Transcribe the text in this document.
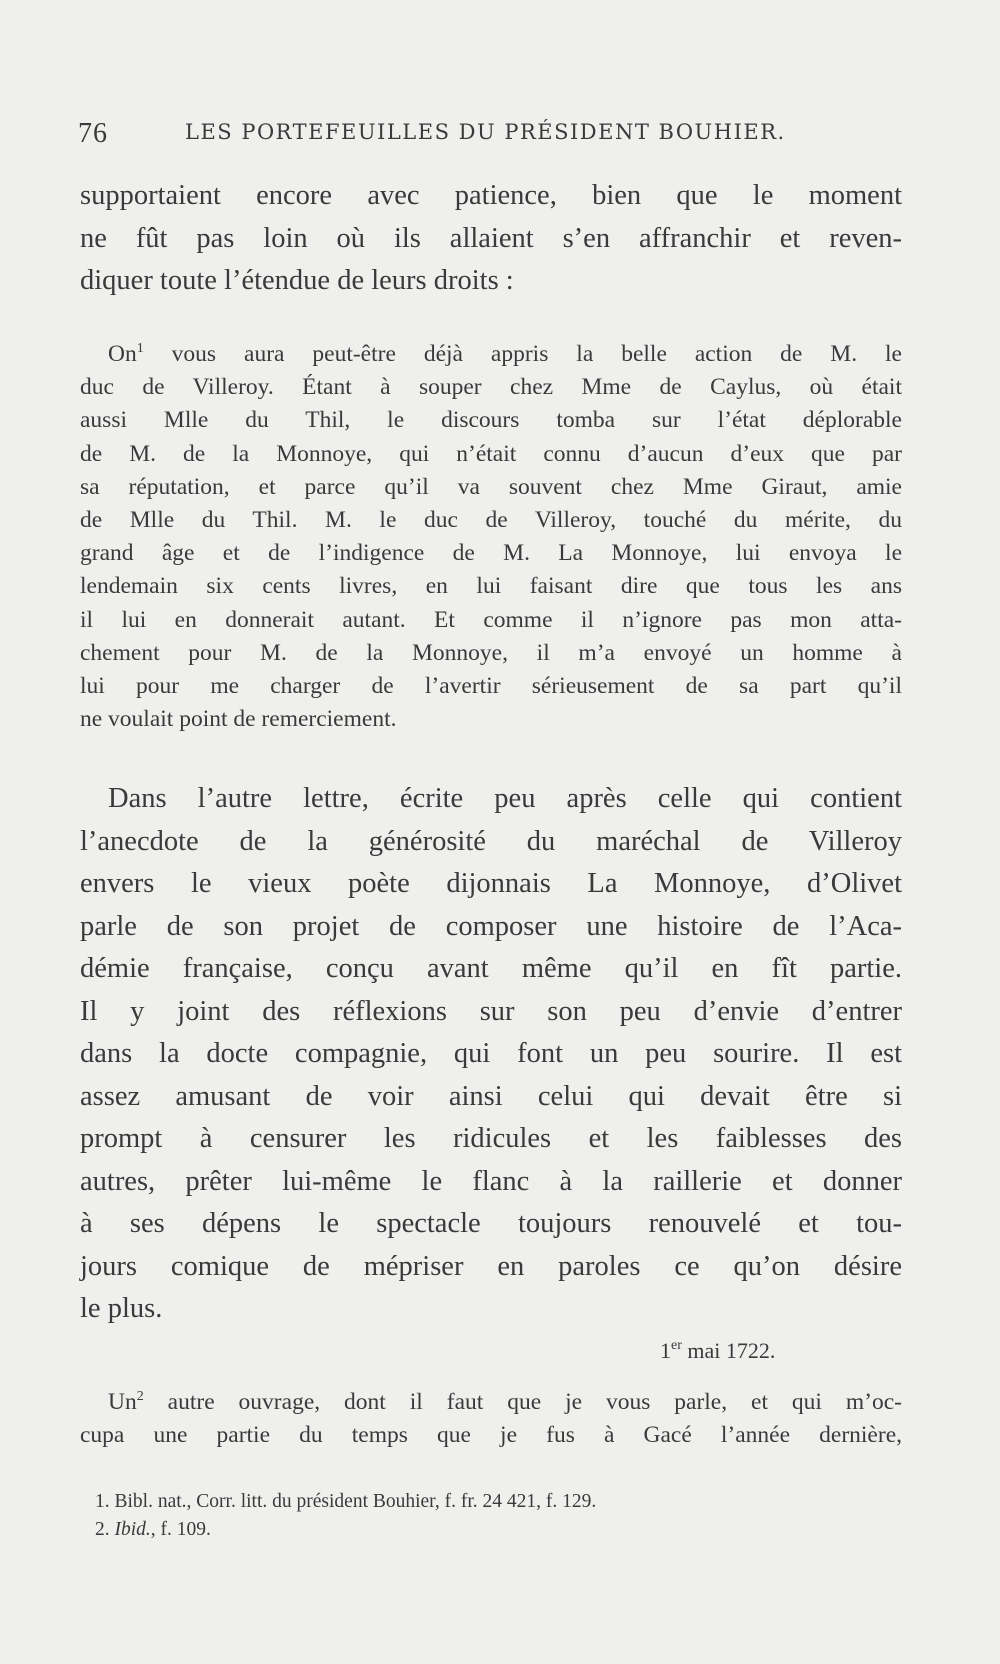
76	LES PORTEFEUILLES DU PRÉSIDENT BOUHIER.
supportaient encore avec patience, bien que le moment
ne fût pas loin où ils allaient s’en affranchir et reven-
diquer toute l’étendue de leurs droits :
On$^1$ vous aura peut-être déjà appris la belle action de M. le
duc de Villeroy. Étant à souper chez Mme de Caylus, où était
aussi Mlle du Thil, le discours tomba sur l’état déplorable
de M. de la Monnoye, qui n’était connu d’aucun d’eux que par
sa réputation, et parce qu’il va souvent chez Mme Giraut, amie
de Mlle du Thil. M. le duc de Villeroy, touché du mérite, du
grand âge et de l’indigence de M. La Monnoye, lui envoya le
lendemain six cents livres, en lui faisant dire que tous les ans
il lui en donnerait autant. Et comme il n’ignore pas mon atta-
chement pour M. de la Monnoye, il m’a envoyé un homme à
lui pour me charger de l’avertir sérieusement de sa part qu’il
ne voulait point de remerciement.
Dans l’autre lettre, écrite peu après celle qui contient
l’anecdote de la générosité du maréchal de Villeroy
envers le vieux poète dijonnais La Monnoye, d’Olivet
parle de son projet de composer une histoire de l’Aca-
démie française, conçu avant même qu’il en fît partie.
Il y joint des réflexions sur son peu d’envie d’entrer
dans la docte compagnie, qui font un peu sourire. Il est
assez amusant de voir ainsi celui qui devait être si
prompt à censurer les ridicules et les faiblesses des
autres, prêter lui-même le flanc à la raillerie et donner
à ses dépens le spectacle toujours renouvelé et tou-
jours comique de mépriser en paroles ce qu’on désire
le plus.
1er mai 1722.
Un$^2$ autre ouvrage, dont il faut que je vous parle, et qui m’oc-
cupa une partie du temps que je fus à Gacé l’année dernière,
1. Bibl. nat., Corr. litt. du président Bouhier, f. fr. 24 421, f. 129.
2. Ibid., f. 109.
